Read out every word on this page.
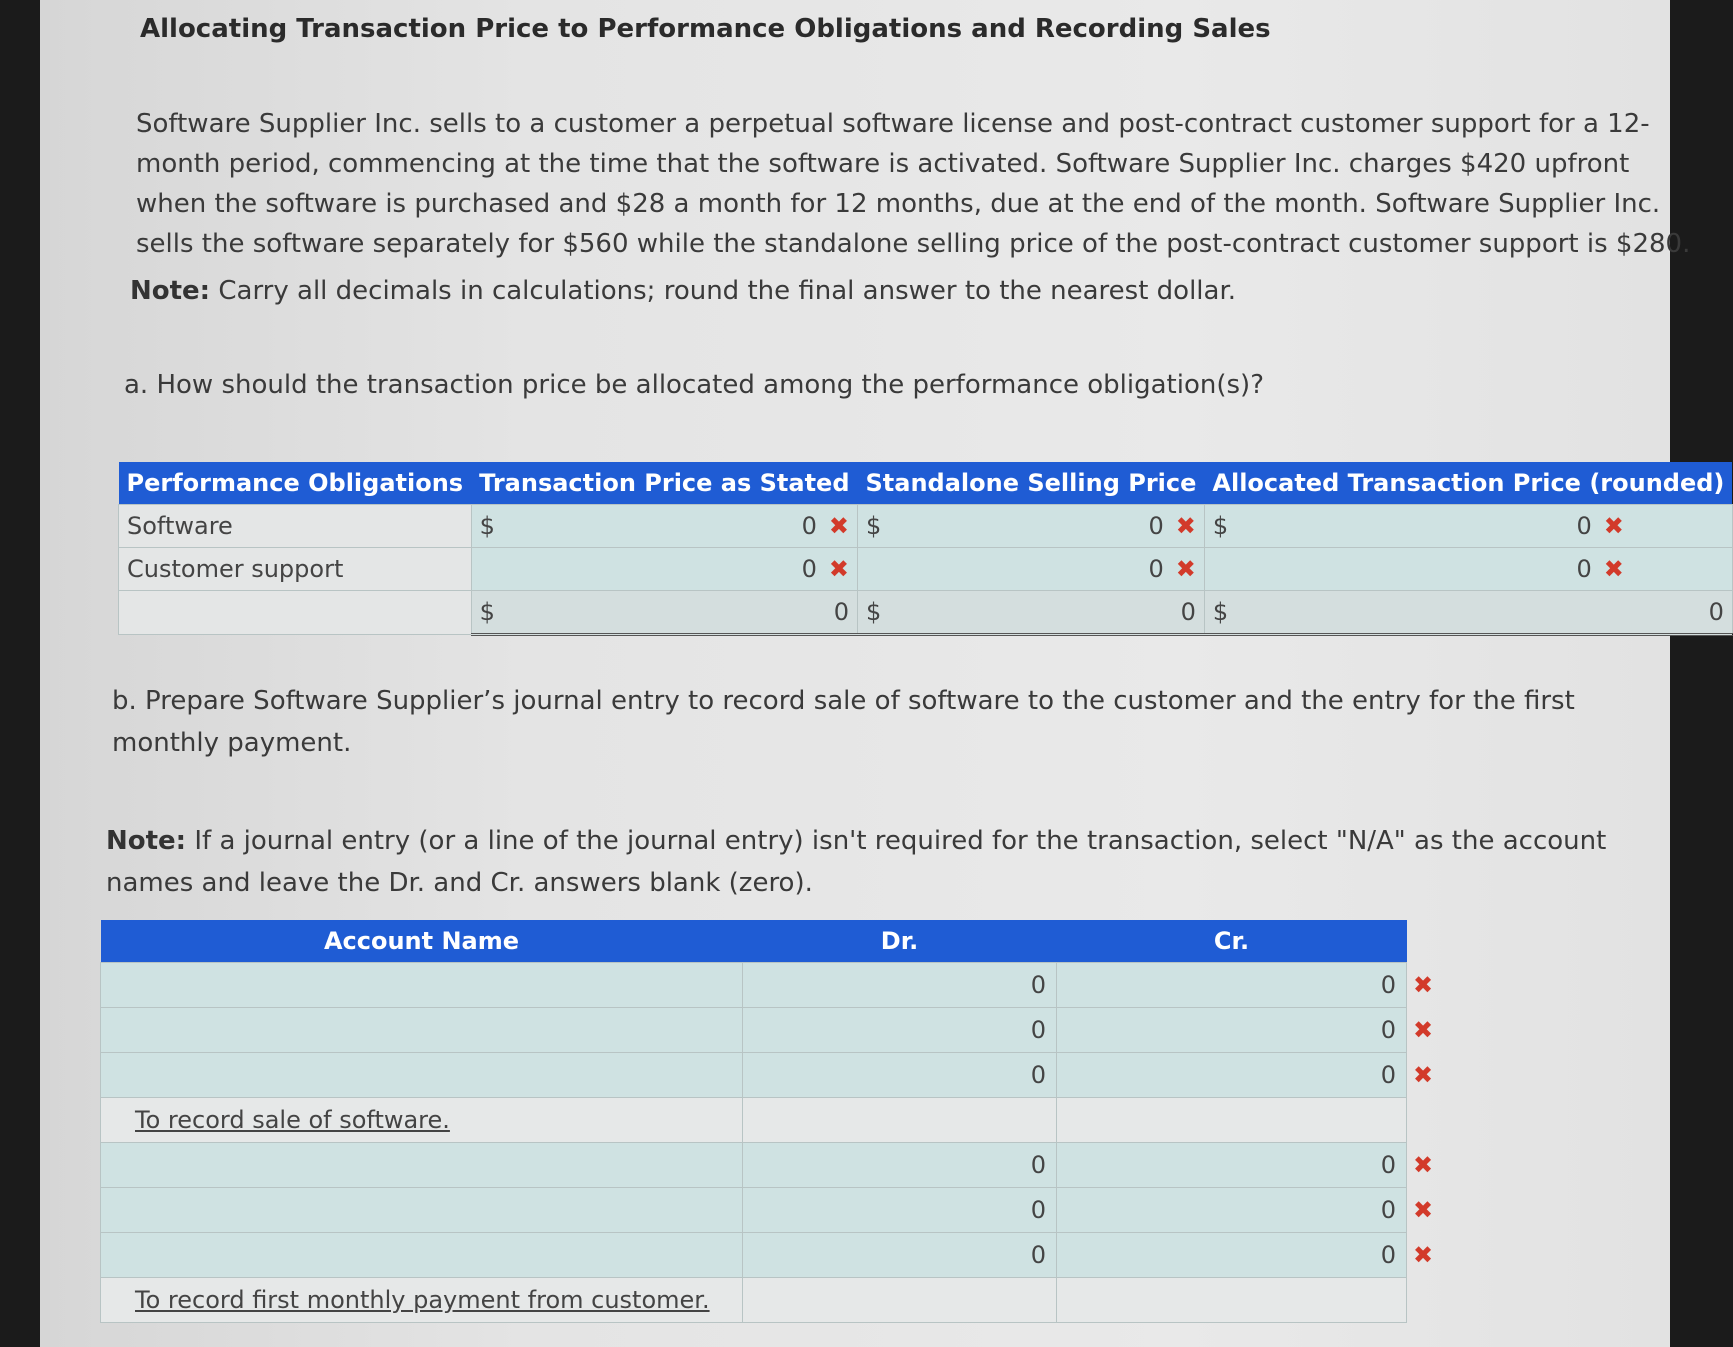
Allocating Transaction Price to Performance Obligations and Recording Sales
Software Supplier Inc. sells to a customer a perpetual software license and post-contract customer support for a 12-month period, commencing at the time that the software is activated. Software Supplier Inc. charges $420 upfront when the software is purchased and $28 a month for 12 months, due at the end of the month. Software Supplier Inc. sells the software separately for $560 while the standalone selling price of the post-contract customer support is $280.
Note: Carry all decimals in calculations; round the final answer to the nearest dollar.
a. How should the transaction price be allocated among the performance obligation(s)?
Performance Obligations	Transaction Price as Stated	Standalone Selling Price	Allocated Transaction Price (rounded)
Software	$ 0 ✖	$ 0 ✖	$ 0 ✖

Customer support	0 ✖	0 ✖	0 ✖

	$ 0	$ 0	$ 0
b. Prepare Software Supplier’s journal entry to record sale of software to the customer and the entry for the first monthly payment.
Note: If a journal entry (or a line of the journal entry) isn't required for the transaction, select "N/A" as the account names and leave the Dr. and Cr. answers blank (zero).
Account Name	Dr.	Cr.	
	0	0	✖
	0	0	✖
	0	0	✖
To record sale of software.			
	0	0	✖
	0	0	✖
	0	0	✖
To record first monthly payment from customer.			
